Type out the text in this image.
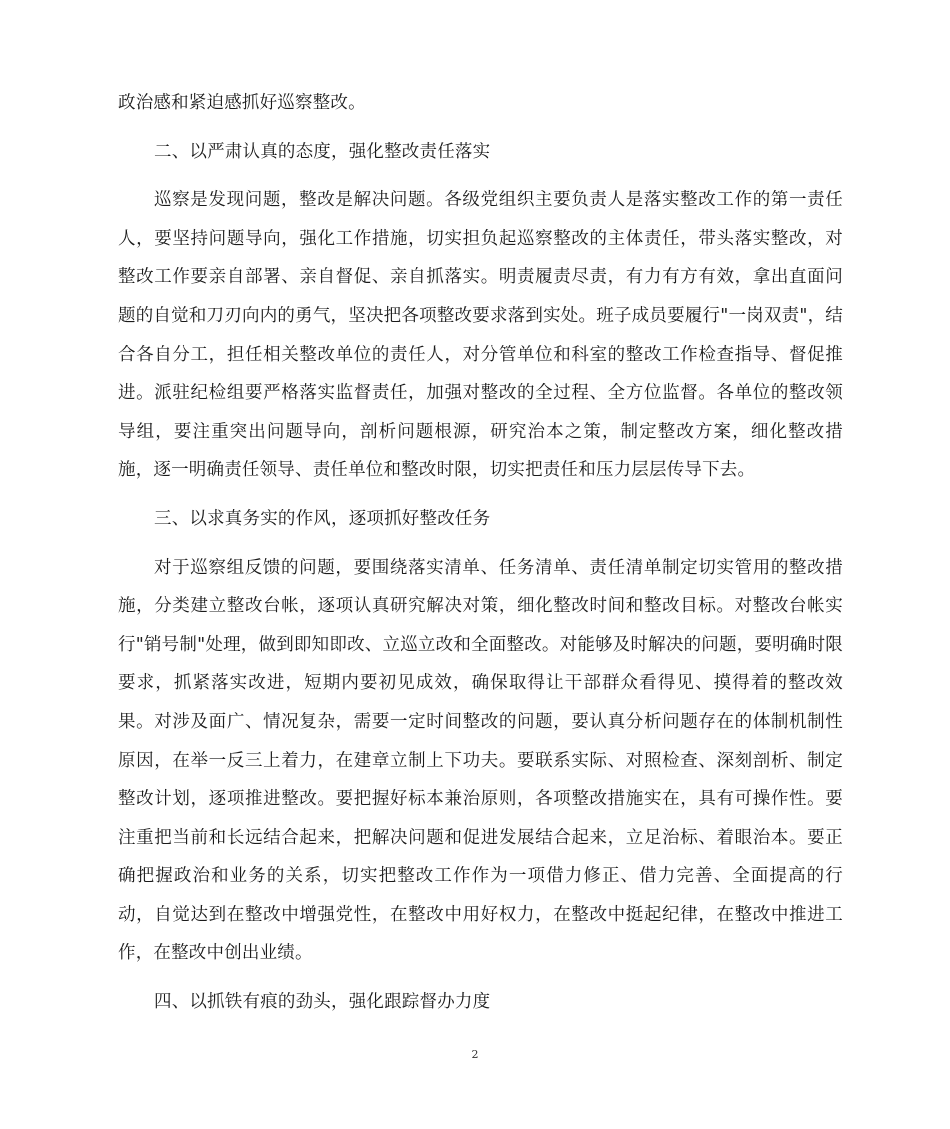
政治感和紧迫感抓好巡察整改。

二、以严肃认真的态度，强化整改责任落实

巡察是发现问题，整改是解决问题。各级党组织主要负责人是落实整改工作的第一责任人，要坚持问题导向，强化工作措施，切实担负起巡察整改的主体责任，带头落实整改，对整改工作要亲自部署、亲自督促、亲自抓落实。明责履责尽责，有力有方有效，拿出直面问题的自觉和刀刃向内的勇气，坚决把各项整改要求落到实处。班子成员要履行"一岗双责"，结合各自分工，担任相关整改单位的责任人，对分管单位和科室的整改工作检查指导、督促推进。派驻纪检组要严格落实监督责任，加强对整改的全过程、全方位监督。各单位的整改领导组，要注重突出问题导向，剖析问题根源，研究治本之策，制定整改方案，细化整改措施，逐一明确责任领导、责任单位和整改时限，切实把责任和压力层层传导下去。

三、以求真务实的作风，逐项抓好整改任务

对于巡察组反馈的问题，要围绕落实清单、任务清单、责任清单制定切实管用的整改措施，分类建立整改台帐，逐项认真研究解决对策，细化整改时间和整改目标。对整改台帐实行"销号制"处理，做到即知即改、立巡立改和全面整改。对能够及时解决的问题，要明确时限要求，抓紧落实改进，短期内要初见成效，确保取得让干部群众看得见、摸得着的整改效果。对涉及面广、情况复杂，需要一定时间整改的问题，要认真分析问题存在的体制机制性原因，在举一反三上着力，在建章立制上下功夫。要联系实际、对照检查、深刻剖析、制定整改计划，逐项推进整改。要把握好标本兼治原则，各项整改措施实在，具有可操作性。要注重把当前和长远结合起来，把解决问题和促进发展结合起来，立足治标、着眼治本。要正确把握政治和业务的关系，切实把整改工作作为一项借力修正、借力完善、全面提高的行动，自觉达到在整改中增强党性，在整改中用好权力，在整改中挺起纪律，在整改中推进工作，在整改中创出业绩。

四、以抓铁有痕的劲头，强化跟踪督办力度

2
